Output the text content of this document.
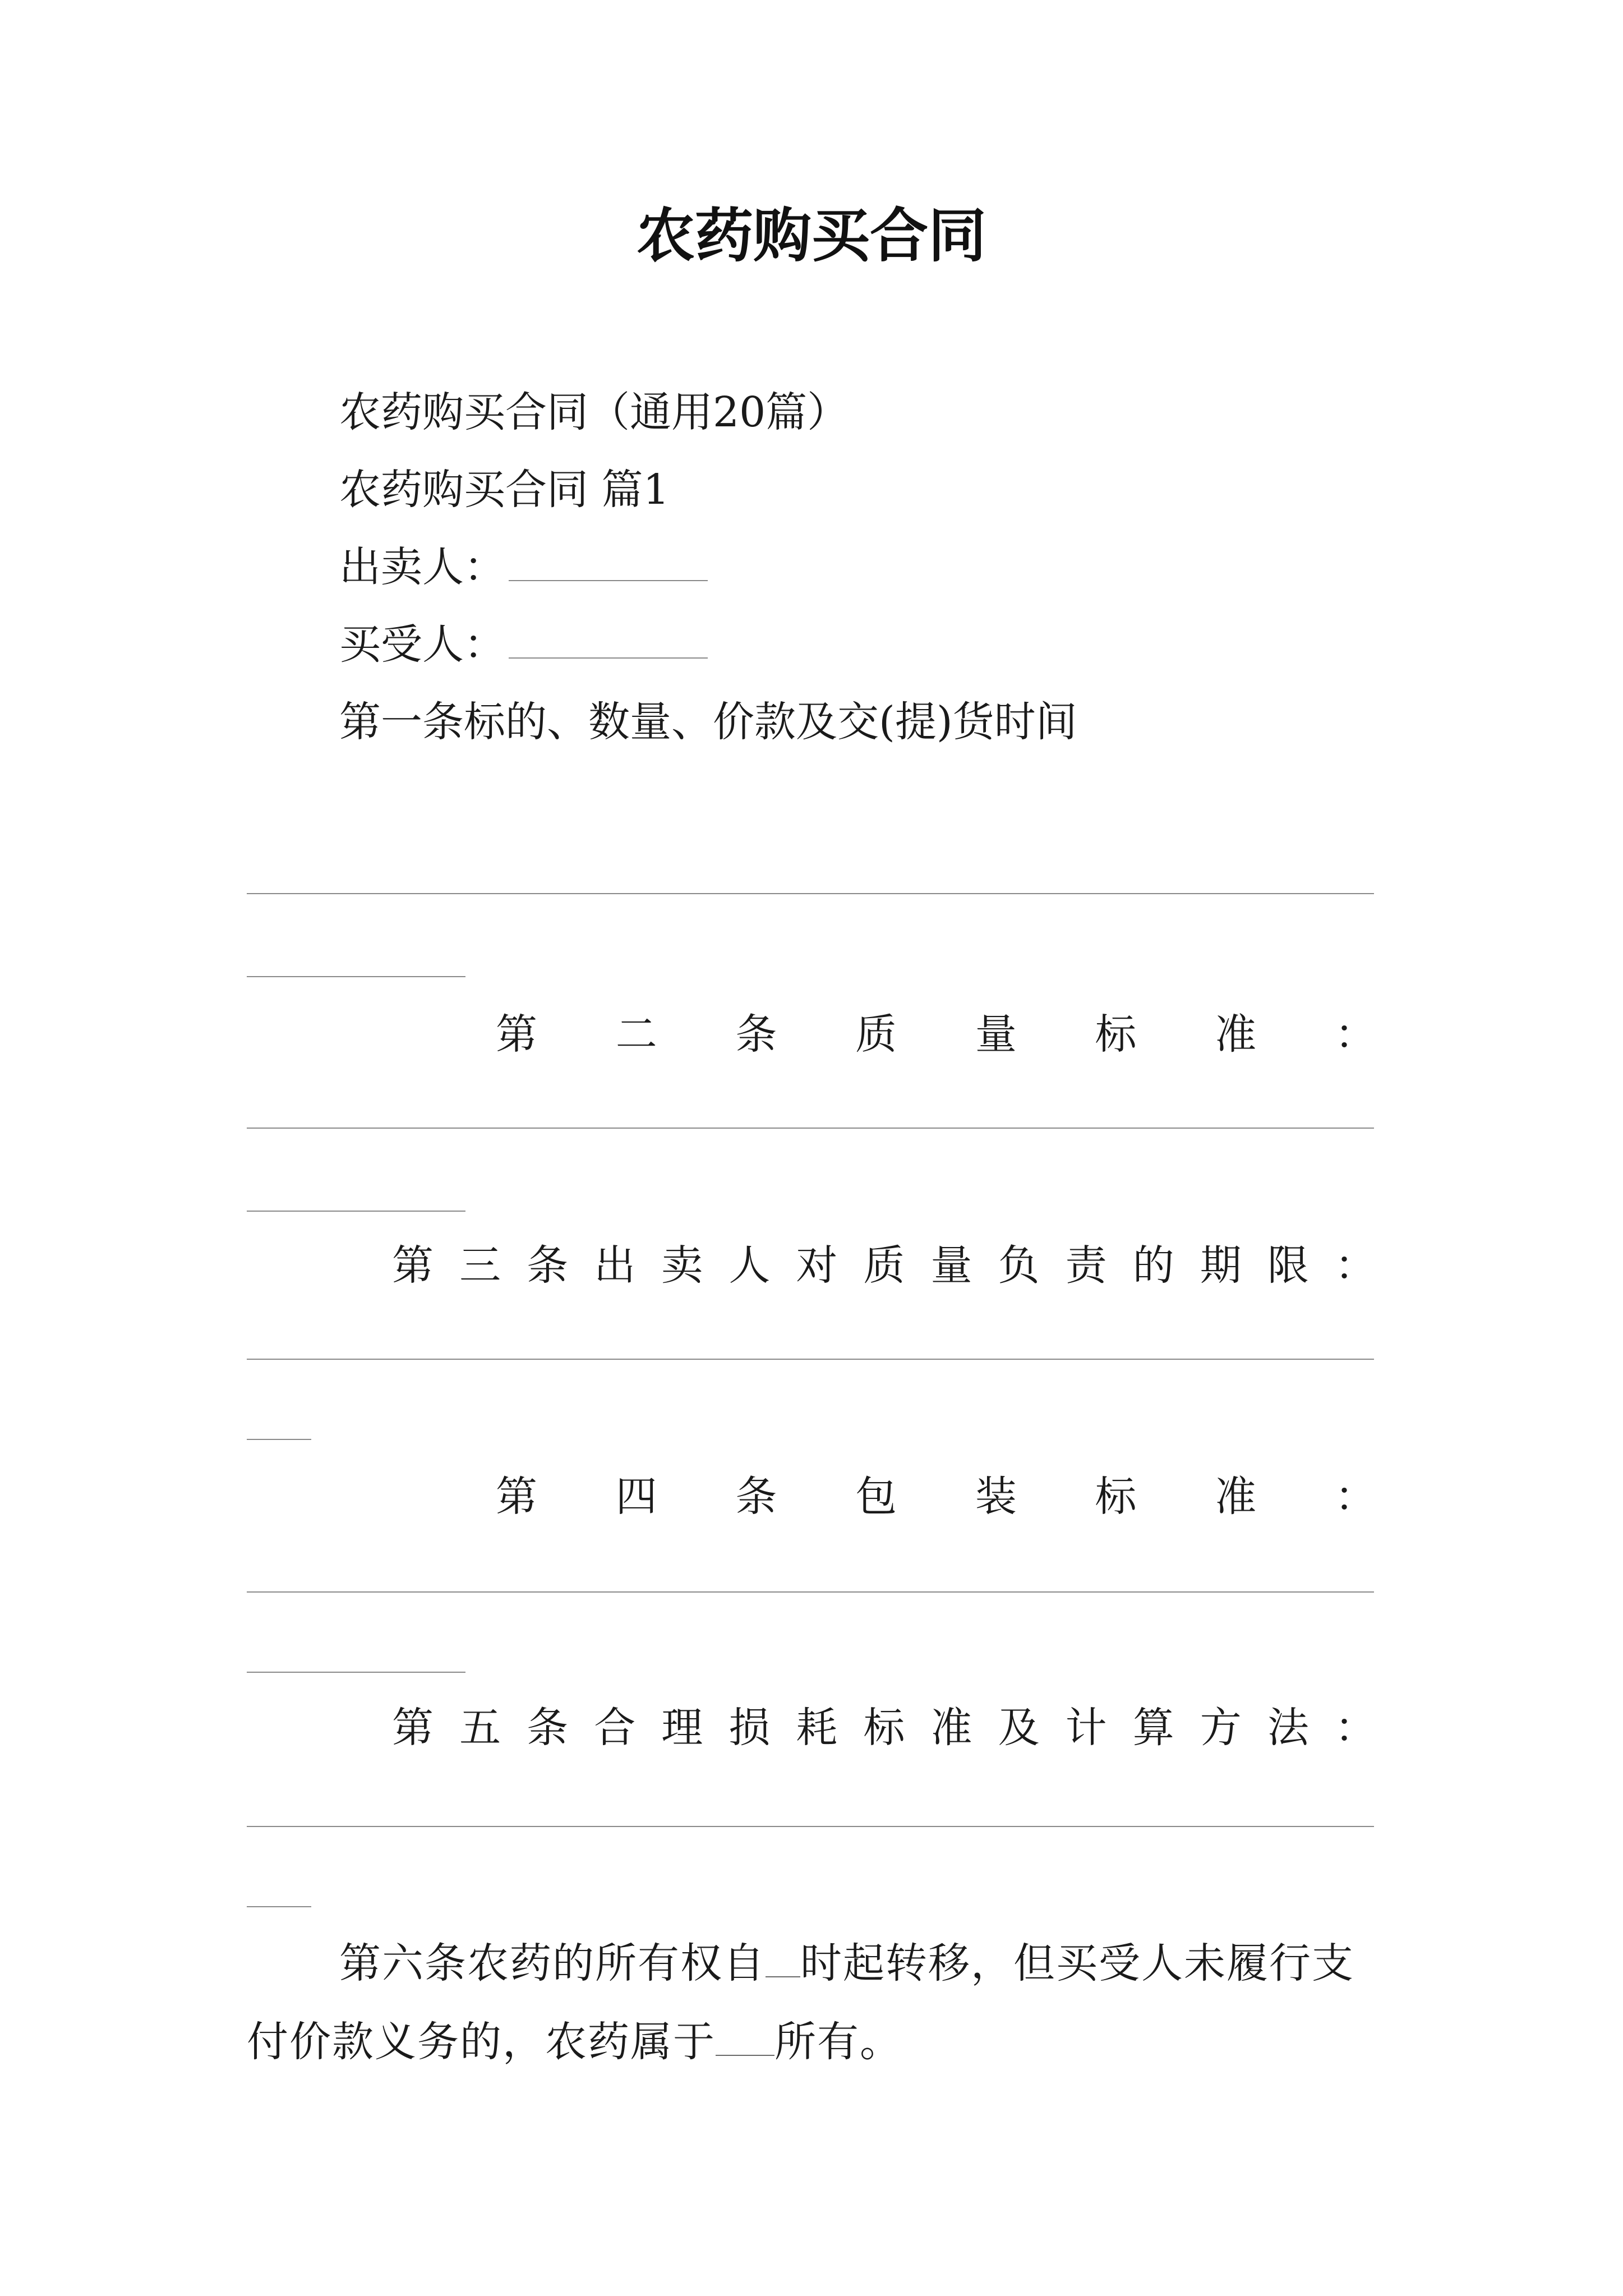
农药购买合同
农药购买合同（通用20篇）
农药购买合同 篇1
出卖人：
买受人：
第一条标的、数量、价款及交(提)货时间
第 二 条 质 量 标 准 ：
第 三 条 出 卖 人 对 质 量 负 责 的 期 限 ：
第 四 条 包 装 标 准 ：
第 五 条 合 理 损 耗 标 准 及 计 算 方 法 ：
第六条农药的所有权自 时起转移，但买受人未履行支付价款义务的，农药属于 所有。
